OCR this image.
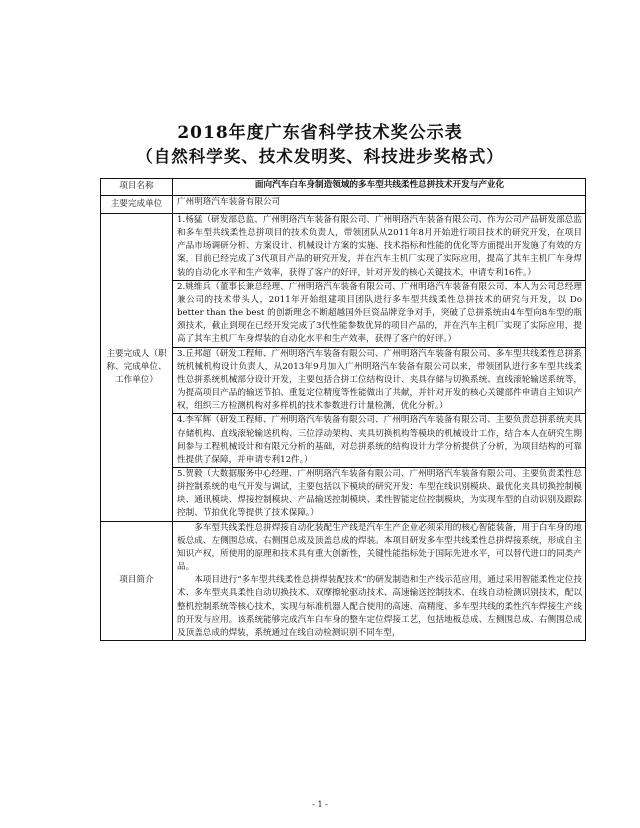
2018年度广东省科学技术奖公示表
（自然科学奖、技术发明奖、科技进步奖格式）
项目名称	面向汽车白车身制造领域的多车型共线柔性总拼技术开发与产业化
主要完成单位	广州明珞汽车装备有限公司
主要完成人（职称、完成单位、工作单位）	1.杨猛（研发部总监、广州明珞汽车装备有限公司、广州明珞汽车装备有限公司、作为公司产品研发部总监和多车型共线柔性总拼项目的技术负责人，带领团队从2011年8月开始进行项目技术的研究开发，在项目产品市场调研分析、方案设计、机械设计方案的实施、技术指标和性能的优化等方面提出开发施了有效的方案，目前已经完成了3代项目产品的研究开发，并在汽车主机厂实现了实际应用，提高了其车主机厂车身焊装的自动化水平和生产效率，获得了客户的好评，针对开发的核心关键技术，申请专利16件。）
	2.姚维兵（董事长兼总经理、广州明珞汽车装备有限公司、广州明珞汽车装备有限公司、本人为公司总经理兼公司的技术带头人，2011年开始组建项目团队进行多车型共线柔性总拼技术的研究与开发，以 Do better than the best 的创新理念不断超越国外巨资品牌竞争对手，突破了总拼系统由4车型向8车型的瓶颈技术，截止到现在已经开发完成了3代性能参数优异的项目产品的，并在汽车主机厂实现了实际应用，提高了其车主机厂车身焊装的自动化水平和生产效率，获得了客户的好评。）
	3.丘邦超（研发工程师、广州明珞汽车装备有限公司、广州明珞汽车装备有限公司、多车型共线柔性总拼系统机械机构设计负责人，从2013年9月加入广州明珞汽车装备有限公司以来，带领团队进行多车型共线柔性总拼系统机械部分设计开发，主要包括合拼工位结构设计、夹具存储与切换系统、直线滚轮输送系统等，为提高项目产品的输送节拍、重复定位精度等性能做出了共献，并针对开发的核心关键部件申请自主知识产权，组织三方检测机构对多样机的技术参数进行计量检测，优化分析。）
	4.李军辉（研发工程师、广州明珞汽车装备有限公司、广州明珞汽车装备有限公司、主要负责总拼系统夹具存储机构、直线滚轮输送机构、三位浮动架构、夹具切换机构等模块的机械设计工作，结合本人在研究生期间参与工程机械设计和有限元分析的基础，对总拼系统的结构设计力学分析提供了分析，为项目结构的可靠性提供了保障，并申请专利12件。）
	5.贺毅（大数据服务中心经理、广州明珞汽车装备有限公司、广州明珞汽车装备有限公司、主要负责柔性总拼控制系统的电气开发与调试，主要包括以下模块的研究开发：车型在线识别模块、最优化夹具切换控制模块、通讯模块、焊接控制模块、产品输送控制模块、柔性智能定位控制模块，为实现车型的自动识别及跟踪控制、节拍优化等提供了技术保障。）
项目简介	多车型共线柔性总拼焊接自动化装配生产线是汽车生产企业必须采用的核心智能装备，用于白车身的地板总成、左侧围总成、右侧围总成及顶盖总成的焊装。本项目研发多车型共线柔性总拼焊接系统，形成自主知识产权，所使用的原理和技术具有重大创新性，关键性能指标处于国际先进水平，可以替代进口的同类产品。
本项目进行“多车型共线柔性总拼焊装配技术”的研发制造和生产线示范应用，通过采用智能柔性定位技术、多车型夹具柔性自动切换技术、双摩擦轮驱动技术、高速输送控制技术、在线自动检测识别技术，配以整机控制系统等核心技术，实现与标准机器人配合使用的高速、高精度、多车型共线的柔性汽车焊接生产线的开发与应用。该系统能够完成汽车白车身的整车定位焊接工艺，包括地板总成、左侧围总成、右侧围总成及顶盖总成的焊装，系统通过在线自动检测识别不同车型，
- 1 -
